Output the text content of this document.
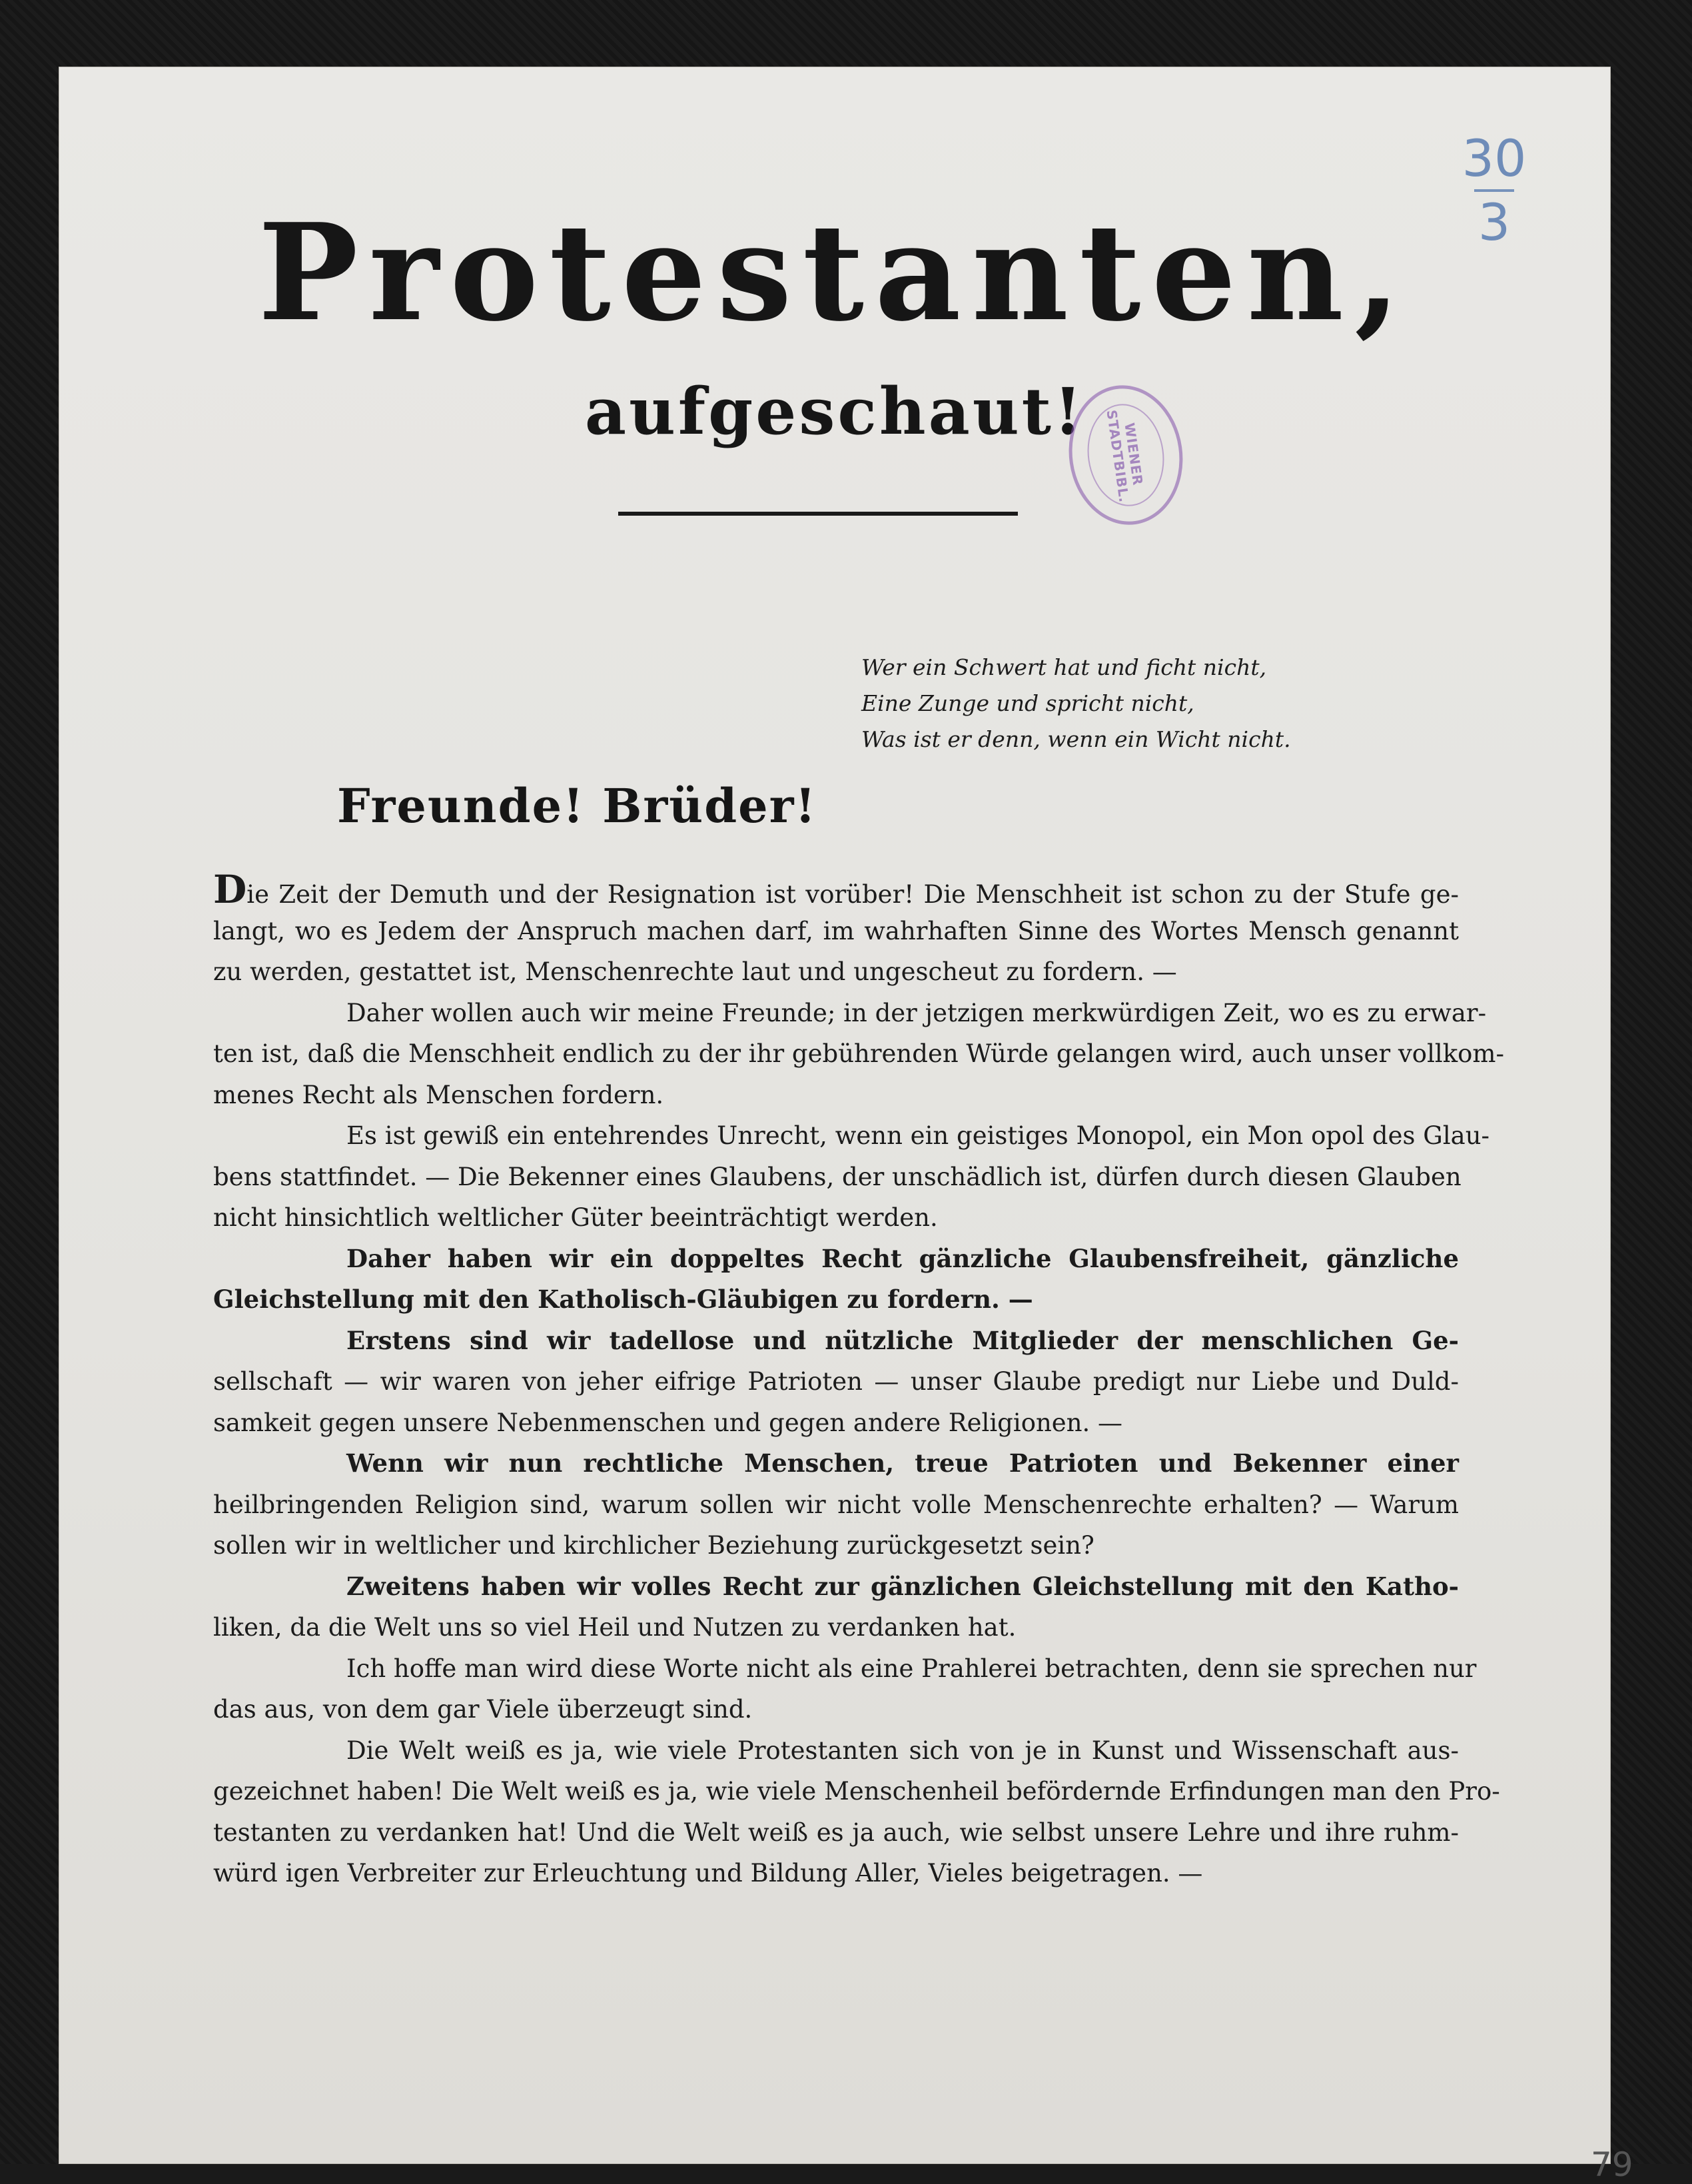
30
3
Protestanten,
aufgeschaut!
WIENER STADTBIBL.
Wer ein Schwert hat und ficht nicht,
Eine Zunge und spricht nicht,
Was ist er denn, wenn ein Wicht nicht.
Freunde! Brüder!
Die Zeit der Demuth und der Resignation ist vorüber! Die Menschheit ist schon zu der Stufe ge-
langt, wo es Jedem der Anspruch machen darf, im wahrhaften Sinne des Wortes Mensch genannt
zu werden, gestattet ist, Menschenrechte laut und ungescheut zu fordern. —
Daher wollen auch wir meine Freunde; in der jetzigen merkwürdigen Zeit, wo es zu erwar-
ten ist, daß die Menschheit endlich zu der ihr gebührenden Würde gelangen wird, auch unser vollkom-
menes Recht als Menschen fordern.
Es ist gewiß ein entehrendes Unrecht, wenn ein geistiges Monopol, ein Mon opol des Glau-
bens stattfindet. — Die Bekenner eines Glaubens, der unschädlich ist, dürfen durch diesen Glauben
nicht hinsichtlich weltlicher Güter beeinträchtigt werden.
Daher haben wir ein doppeltes Recht gänzliche Glaubensfreiheit, gänzliche
Gleichstellung mit den Katholisch-Gläubigen zu fordern. —
Erstens sind wir tadellose und nützliche Mitglieder der menschlichen Ge-
sellschaft — wir waren von jeher eifrige Patrioten — unser Glaube predigt nur Liebe und Duld-
samkeit gegen unsere Nebenmenschen und gegen andere Religionen. —
Wenn wir nun rechtliche Menschen, treue Patrioten und Bekenner einer
heilbringenden Religion sind, warum sollen wir nicht volle Menschenrechte erhalten? — Warum
sollen wir in weltlicher und kirchlicher Beziehung zurückgesetzt sein?
Zweitens haben wir volles Recht zur gänzlichen Gleichstellung mit den Katho-
liken, da die Welt uns so viel Heil und Nutzen zu verdanken hat.
Ich hoffe man wird diese Worte nicht als eine Prahlerei betrachten, denn sie sprechen nur
das aus, von dem gar Viele überzeugt sind.
Die Welt weiß es ja, wie viele Protestanten sich von je in Kunst und Wissenschaft aus-
gezeichnet haben! Die Welt weiß es ja, wie viele Menschenheil befördernde Erfindungen man den Pro-
testanten zu verdanken hat! Und die Welt weiß es ja auch, wie selbst unsere Lehre und ihre ruhm-
würd igen Verbreiter zur Erleuchtung und Bildung Aller, Vieles beigetragen. —
79
